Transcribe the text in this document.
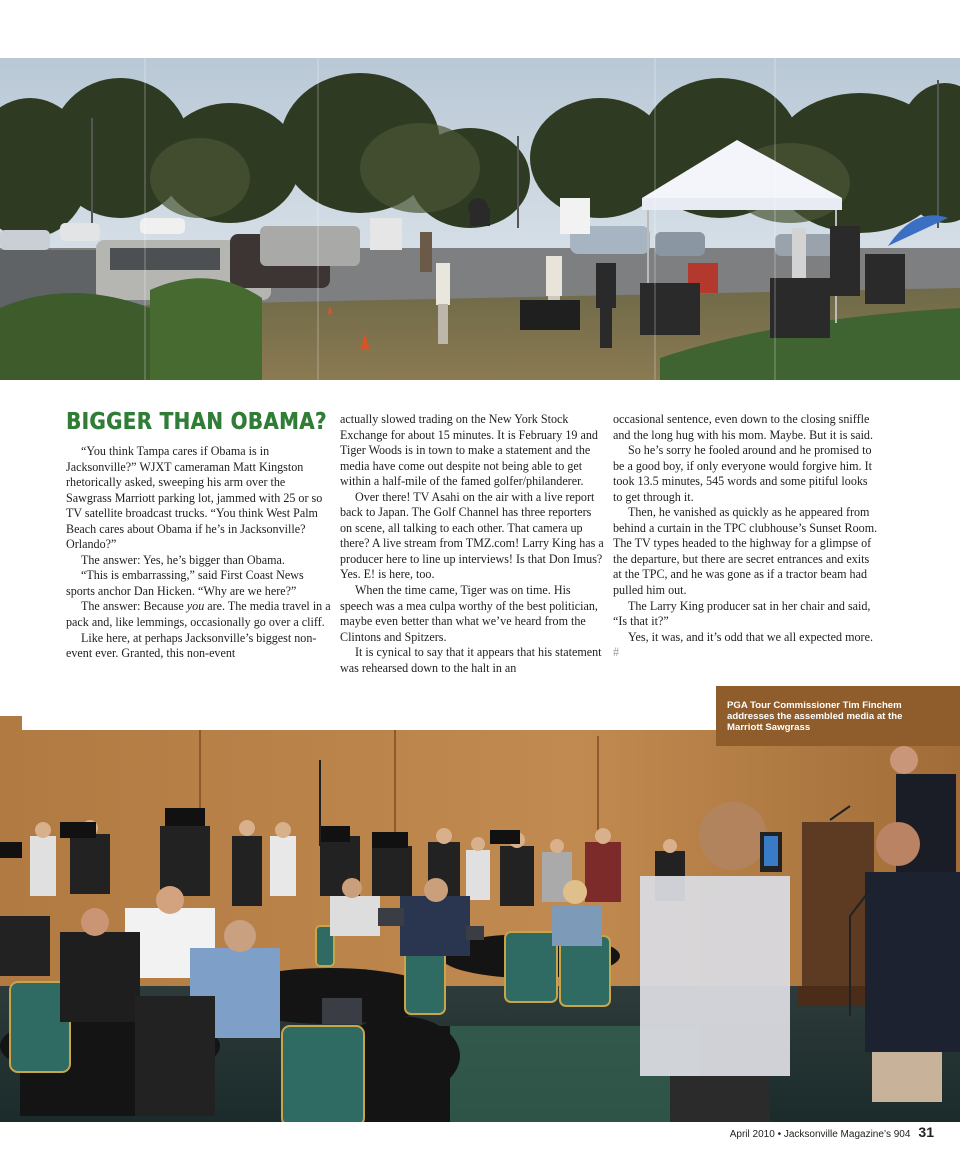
BIGGER THAN OBAMA?

“You think Tampa cares if Obama is in Jacksonville?” WJXT cameraman Matt Kingston rhetorically asked, sweeping his arm over the Sawgrass Marriott parking lot, jammed with 25 or so TV satellite broadcast trucks. “You think West Palm Beach cares about Obama if he’s in Jacksonville? Orlando?”

The answer: Yes, he’s bigger than Obama.

“This is embarrassing,” said First Coast News sports anchor Dan Hicken. “Why are we here?”

The answer: Because you are. The media travel in a pack and, like lemmings, occasionally go over a cliff.

Like here, at perhaps Jacksonville’s biggest non-event ever. Granted, this non-event

actually slowed trading on the New York Stock Exchange for about 15 minutes. It is February 19 and Tiger Woods is in town to make a statement and the media have come out despite not being able to get within a half-mile of the famed golfer/philanderer.

Over there! TV Asahi on the air with a live report back to Japan. The Golf Channel has three reporters on scene, all talking to each other. That camera up there? A live stream from TMZ.com! Larry King has a producer here to line up interviews! Is that Don Imus? Yes. E! is here, too.

When the time came, Tiger was on time. His speech was a mea culpa worthy of the best politician, maybe even better than what we’ve heard from the Clintons and Spitzers.

It is cynical to say that it appears that his statement was rehearsed down to the halt in an

occasional sentence, even down to the closing sniffle and the long hug with his mom. Maybe. But it is said.

So he’s sorry he fooled around and he promised to be a good boy, if only everyone would forgive him. It took 13.5 minutes, 545 words and some pitiful looks to get through it.

Then, he vanished as quickly as he appeared from behind a curtain in the TPC clubhouse’s Sunset Room. The TV types headed to the highway for a glimpse of the departure, but there are secret entrances and exits at the TPC, and he was gone as if a tractor beam had pulled him out.

The Larry King producer sat in her chair and said, “Is that it?”

Yes, it was, and it’s odd that we all expected more. #

PGA Tour Commissioner Tim Finchem addresses the assembled media at the Marriott Sawgrass
April 2010 • Jacksonville Magazine’s 904 31
